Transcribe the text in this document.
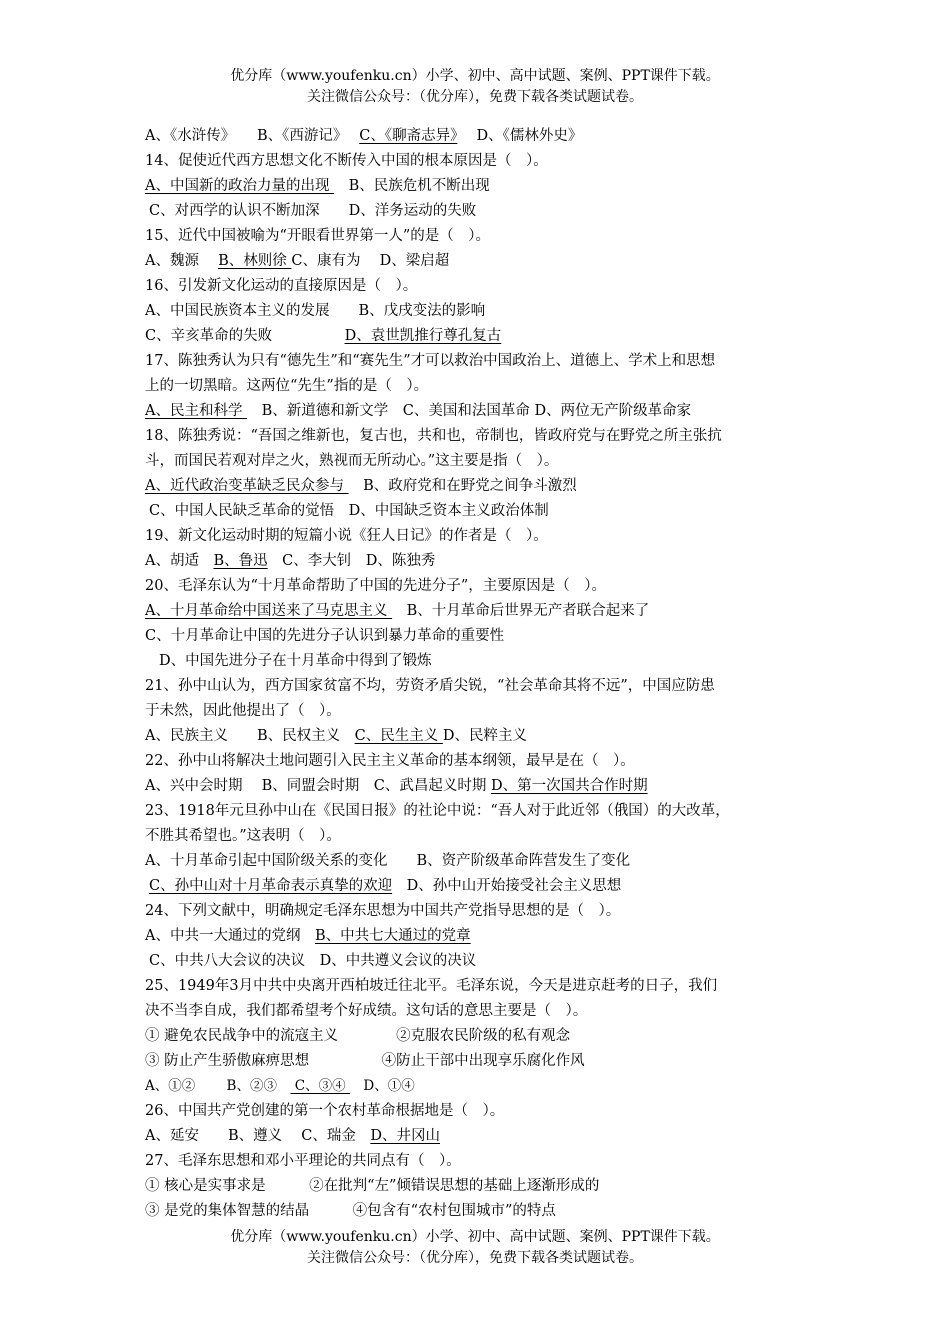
优分库（www.youfenku.cn）小学、初中、高中试题、案例、PPT课件下载。
关注微信公众号：（优分库），免费下载各类试题试卷。
A、《水浒传》　　B、《西游记》　 C、《聊斋志异》　 D、《儒林外史》
14、促使近代西方思想文化不断传入中国的根本原因是（　）。
A、中国新的政治力量的出现 　B、民族危机不断出现
C、对西学的认识不断加深　　D、洋务运动的失败
15、近代中国被喻为“开眼看世界第一人”的是（　）。
A、魏源　 B、林则徐 C、康有为　 D、梁启超
16、引发新文化运动的直接原因是（　）。
A、中国民族资本主义的发展　　B、戊戌变法的影响
C、辛亥革命的失败　　　　　D、袁世凯推行尊孔复古
17、陈独秀认为只有“德先生”和“赛先生”才可以救治中国政治上、道德上、学术上和思想
上的一切黑暗。这两位“先生”指的是（　）。
A、民主和科学 　B、新道德和新文学　C、美国和法国革命 D、两位无产阶级革命家
18、陈独秀说：“吾国之维新也，复古也，共和也，帝制也，皆政府党与在野党之所主张抗
斗，而国民若观对岸之火，熟视而无所动心。”这主要是指（　）。
A、近代政治变革缺乏民众参与 　B、政府党和在野党之间争斗激烈
C、中国人民缺乏革命的觉悟　D、中国缺乏资本主义政治体制
19、新文化运动时期的短篇小说《狂人日记》的作者是（　）。
A、胡适　B、鲁迅　C、李大钊　D、陈独秀
20、毛泽东认为“十月革命帮助了中国的先进分子”，主要原因是（　）。
A、十月革命给中国送来了马克思主义 　B、十月革命后世界无产者联合起来了
C、十月革命让中国的先进分子认识到暴力革命的重要性
D、中国先进分子在十月革命中得到了锻炼
21、孙中山认为，西方国家贫富不均，劳资矛盾尖锐，“社会革命其将不远”，中国应防患
于未然，因此他提出了（　）。
A、民族主义　　B、民权主义　C、民生主义 D、民粹主义
22、孙中山将解决土地问题引入民主主义革命的基本纲领，最早是在（　）。
A、兴中会时期　 B、同盟会时期　C、武昌起义时期 D、第一次国共合作时期
23、1918年元旦孙中山在《民国日报》的社论中说：“吾人对于此近邻（俄国）的大改革，
不胜其希望也。”这表明（　）。
A、十月革命引起中国阶级关系的变化　　B、资产阶级革命阵营发生了变化
C、孙中山对十月革命表示真挚的欢迎　D、孙中山开始接受社会主义思想
24、下列文献中，明确规定毛泽东思想为中国共产党指导思想的是（　）。
A、中共一大通过的党纲　B、中共七大通过的党章
C、中共八大会议的决议　D、中共遵义会议的决议
25、1949年3月中共中央离开西柏坡迁往北平。毛泽东说，今天是进京赶考的日子，我们
决不当李自成，我们都希望考个好成绩。这句话的意思主要是（　）。
① 避免农民战争中的流寇主义　　　　②克服农民阶级的私有观念
③ 防止产生骄傲麻痹思想　　　　　④防止干部中出现享乐腐化作风
A、①②　　 B、②③　 C、③④ 　D、①④
26、中国共产党创建的第一个农村革命根据地是（　）。
A、延安　　B、遵义　 C、瑞金　D、井冈山
27、毛泽东思想和邓小平理论的共同点有（　）。
① 核心是实事求是　　　②在批判“左”倾错误思想的基础上逐渐形成的
③ 是党的集体智慧的结晶　　　④包含有“农村包围城市”的特点
优分库（www.youfenku.cn）小学、初中、高中试题、案例、PPT课件下载。
关注微信公众号：（优分库），免费下载各类试题试卷。
